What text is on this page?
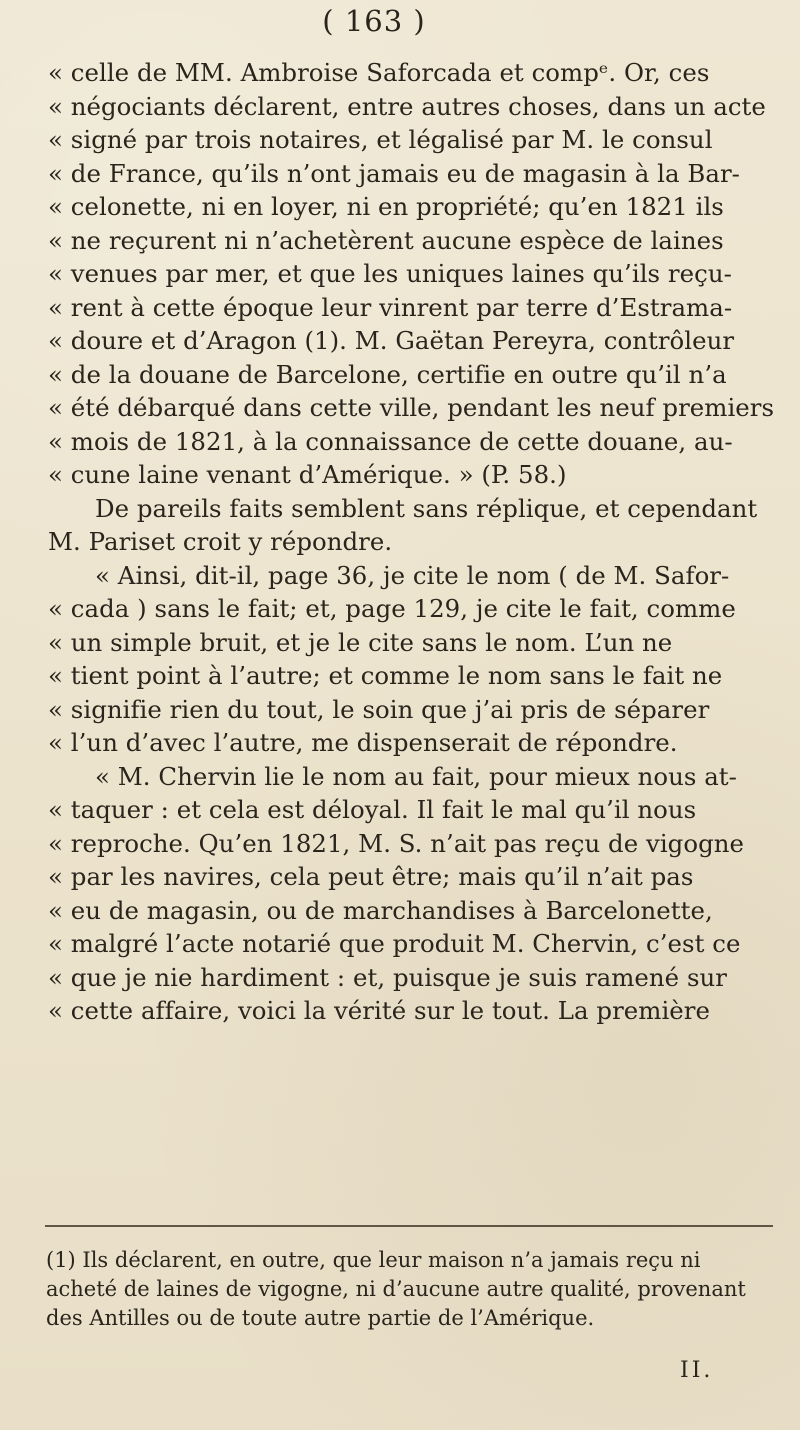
( 163 )
« celle de MM. Ambroise Saforcada et compᵉ. Or, ces
« négociants déclarent, entre autres choses, dans un acte
« signé par trois notaires, et légalisé par M. le consul
« de France, qu’ils n’ont jamais eu de magasin à la Bar-
« celonette, ni en loyer, ni en propriété; qu’en 1821 ils
« ne reçurent ni n’achetèrent aucune espèce de laines
« venues par mer, et que les uniques laines qu’ils reçu-
« rent à cette époque leur vinrent par terre d’Estrama-
« doure et d’Aragon (1). M. Gaëtan Pereyra, contrôleur
« de la douane de Barcelone, certifie en outre qu’il n’a
« été débarqué dans cette ville, pendant les neuf premiers
« mois de 1821, à la connaissance de cette douane, au-
« cune laine venant d’Amérique. » (P. 58.)
De pareils faits semblent sans réplique, et cependant
M. Pariset croit y répondre.
« Ainsi, dit-il, page 36, je cite le nom ( de M. Safor-
« cada ) sans le fait; et, page 129, je cite le fait, comme
« un simple bruit, et je le cite sans le nom. L’un ne
« tient point à l’autre; et comme le nom sans le fait ne
« signifie rien du tout, le soin que j’ai pris de séparer
« l’un d’avec l’autre, me dispenserait de répondre.
« M. Chervin lie le nom au fait, pour mieux nous at-
« taquer : et cela est déloyal. Il fait le mal qu’il nous
« reproche. Qu’en 1821, M. S. n’ait pas reçu de vigogne
« par les navires, cela peut être; mais qu’il n’ait pas
« eu de magasin, ou de marchandises à Barcelonette,
« malgré l’acte notarié que produit M. Chervin, c’est ce
« que je nie hardiment : et, puisque je suis ramené sur
« cette affaire, voici la vérité sur le tout. La première
(1) Ils déclarent, en outre, que leur maison n’a jamais reçu ni
acheté de laines de vigogne, ni d’aucune autre qualité, provenant
des Antilles ou de toute autre partie de l’Amérique.
II.
